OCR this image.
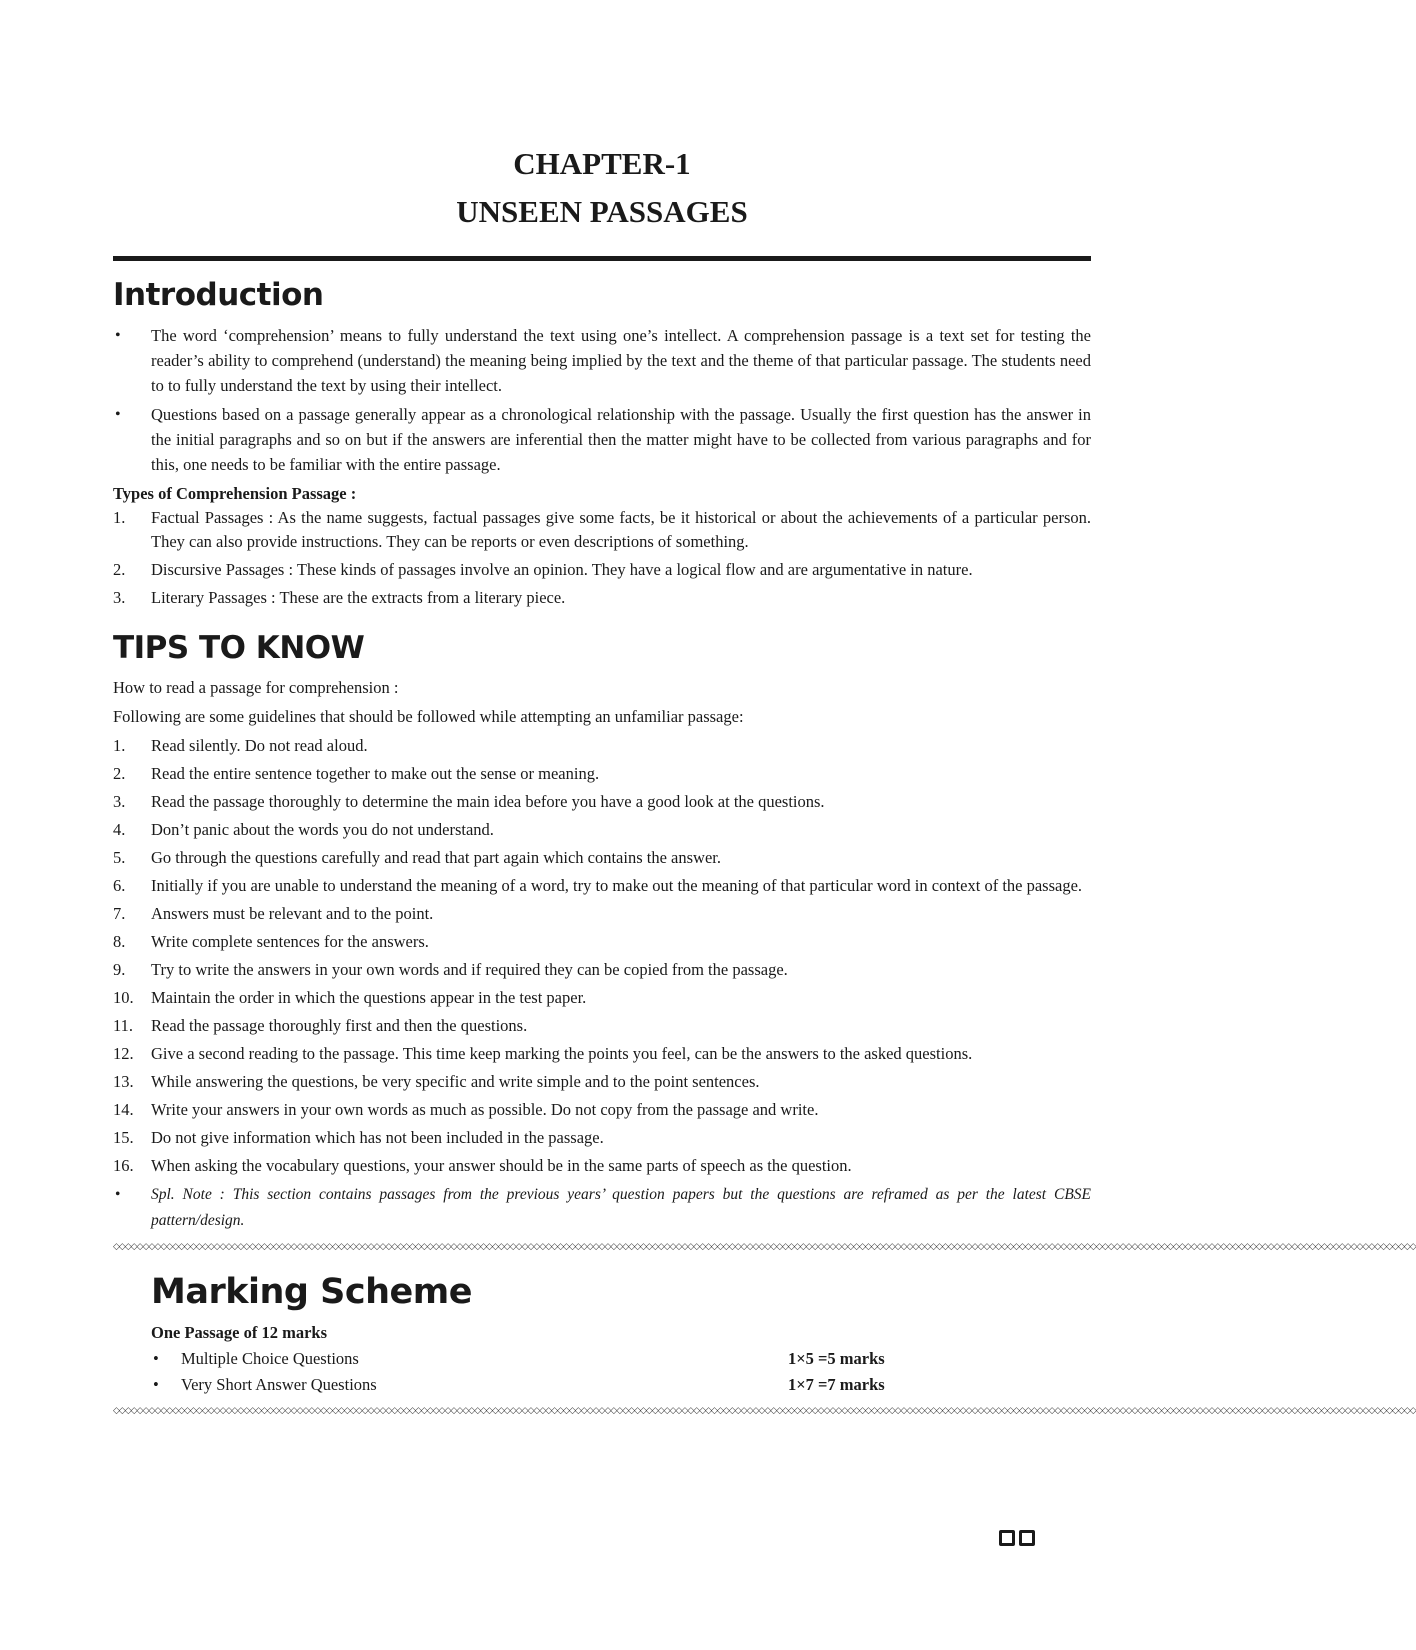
CHAPTER-1
UNSEEN PASSAGES
Introduction
• The word ‘comprehension’ means to fully understand the text using one’s intellect. A comprehension passage is a text set for testing the reader’s ability to comprehend (understand) the meaning being implied by the text and the theme of that particular passage. The students need to to fully understand the text by using their intellect.
• Questions based on a passage generally appear as a chronological relationship with the passage. Usually the first question has the answer in the initial paragraphs and so on but if the answers are inferential then the matter might have to be collected from various paragraphs and for this, one needs to be familiar with the entire passage.
Types of Comprehension Passage :
1. Factual Passages : As the name suggests, factual passages give some facts, be it historical or about the achievements of a particular person. They can also provide instructions. They can be reports or even descriptions of something.
2. Discursive Passages : These kinds of passages involve an opinion. They have a logical flow and are argumentative in nature.
3. Literary Passages : These are the extracts from a literary piece.
TIPS TO KNOW
How to read a passage for comprehension :
Following are some guidelines that should be followed while attempting an unfamiliar passage:
1. Read silently. Do not read aloud.
2. Read the entire sentence together to make out the sense or meaning.
3. Read the passage thoroughly to determine the main idea before you have a good look at the questions.
4. Don’t panic about the words you do not understand.
5. Go through the questions carefully and read that part again which contains the answer.
6. Initially if you are unable to understand the meaning of a word, try to make out the meaning of that particular word in context of the passage.
7. Answers must be relevant and to the point.
8. Write complete sentences for the answers.
9. Try to write the answers in your own words and if required they can be copied from the passage.
10. Maintain the order in which the questions appear in the test paper.
11. Read the passage thoroughly first and then the questions.
12. Give a second reading to the passage. This time keep marking the points you feel, can be the answers to the asked questions.
13. While answering the questions, be very specific and write simple and to the point sentences.
14. Write your answers in your own words as much as possible. Do not copy from the passage and write.
15. Do not give information which has not been included in the passage.
16. When asking the vocabulary questions, your answer should be in the same parts of speech as the question.
• Spl. Note : This section contains passages from the previous years’ question papers but the questions are reframed as per the latest CBSE pattern/design.
◇◇◇◇◇◇◇◇◇◇◇◇◇◇◇◇◇◇◇◇◇◇◇◇◇◇◇◇◇◇◇◇◇◇◇◇◇◇◇◇◇◇◇◇◇◇◇◇◇◇◇◇◇◇◇◇◇◇◇◇◇◇◇◇◇◇◇◇◇◇◇◇◇◇◇◇◇◇◇◇◇◇◇◇◇◇◇◇◇◇◇◇◇◇◇◇◇◇◇◇◇◇◇◇◇◇◇◇◇◇◇◇◇◇◇◇◇◇◇◇◇◇◇◇◇◇◇◇◇◇◇◇◇◇◇◇◇◇◇◇◇◇◇◇◇◇◇◇◇◇◇◇◇◇◇◇◇◇◇◇◇◇◇◇◇◇◇◇◇◇◇◇◇◇◇◇◇◇◇◇◇◇◇◇◇◇◇◇◇◇◇◇◇◇◇◇◇◇◇◇◇◇◇◇◇◇◇◇◇◇◇◇◇◇◇◇◇◇◇◇
Marking Scheme
One Passage of 12 marks
• Multiple Choice Questions	1×5 =5 marks
• Very Short Answer Questions	1×7 =7 marks
◇◇◇◇◇◇◇◇◇◇◇◇◇◇◇◇◇◇◇◇◇◇◇◇◇◇◇◇◇◇◇◇◇◇◇◇◇◇◇◇◇◇◇◇◇◇◇◇◇◇◇◇◇◇◇◇◇◇◇◇◇◇◇◇◇◇◇◇◇◇◇◇◇◇◇◇◇◇◇◇◇◇◇◇◇◇◇◇◇◇◇◇◇◇◇◇◇◇◇◇◇◇◇◇◇◇◇◇◇◇◇◇◇◇◇◇◇◇◇◇◇◇◇◇◇◇◇◇◇◇◇◇◇◇◇◇◇◇◇◇◇◇◇◇◇◇◇◇◇◇◇◇◇◇◇◇◇◇◇◇◇◇◇◇◇◇◇◇◇◇◇◇◇◇◇◇◇◇◇◇◇◇◇◇◇◇◇◇◇◇◇◇◇◇◇◇◇◇◇◇◇◇◇◇◇◇◇◇◇◇◇◇◇◇◇◇◇◇◇◇
